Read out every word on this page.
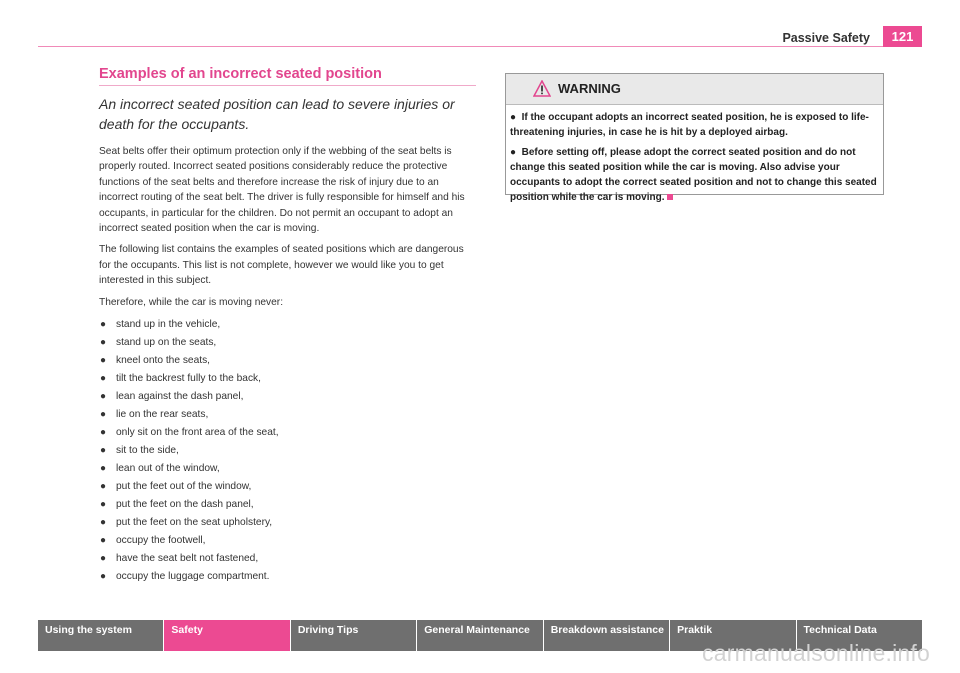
Passive Safety	121
Examples of an incorrect seated position

An incorrect seated position can lead to severe injuries or death for the occupants.

Seat belts offer their optimum protection only if the webbing of the seat belts is properly routed. Incorrect seated positions considerably reduce the protective functions of the seat belts and therefore increase the risk of injury due to an incorrect routing of the seat belt. The driver is fully responsible for himself and his occupants, in particular for the children. Do not permit an occupant to adopt an incorrect seated position when the car is moving.

The following list contains the examples of seated positions which are dangerous for the occupants. This list is not complete, however we would like you to get interested in this subject.

Therefore, while the car is moving never:

● stand up in the vehicle,
● stand up on the seats,
● kneel onto the seats,
● tilt the backrest fully to the back,
● lean against the dash panel,
● lie on the rear seats,
● only sit on the front area of the seat,
● sit to the side,
● lean out of the window,
● put the feet out of the window,
● put the feet on the dash panel,
● put the feet on the seat upholstery,
● occupy the footwell,
● have the seat belt not fastened,
● occupy the luggage compartment.
WARNING

●  If the occupant adopts an incorrect seated position, he is exposed to life-threatening injuries, in case he is hit by a deployed airbag.

●  Before setting off, please adopt the correct seated position and do not change this seated position while the car is moving. Also advise your occupants to adopt the correct seated position and not to change this seated position while the car is moving.

Using the system	Safety	Driving Tips	General Maintenance	Breakdown assistance	Praktik	Technical Data
carmanualsonline.info
